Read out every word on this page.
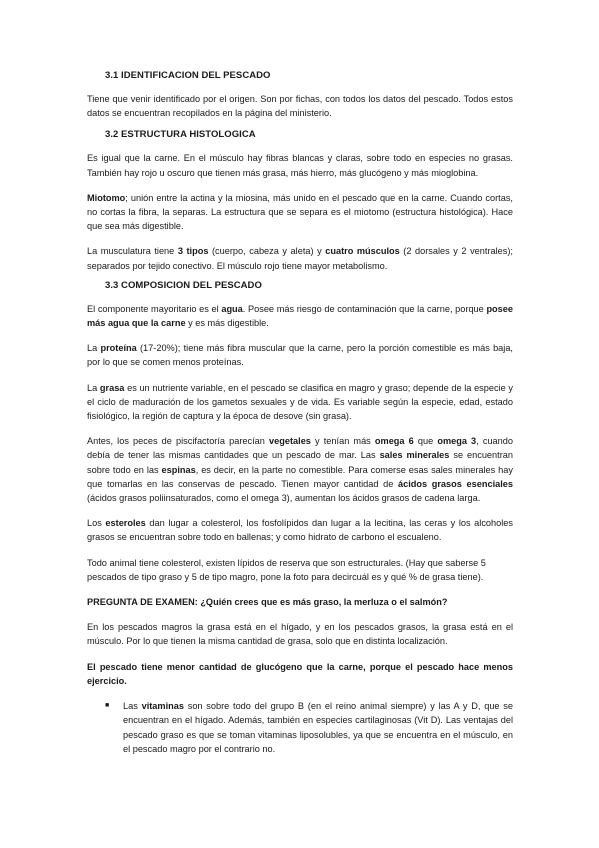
3.1 IDENTIFICACION DEL PESCADO

Tiene que venir identificado por el origen. Son por fichas, con todos los datos del pescado. Todos estos datos se encuentran recopilados en la página del ministerio.

3.2 ESTRUCTURA HISTOLOGICA

Es igual que la carne. En el músculo hay fibras blancas y claras, sobre todo en especies no grasas. También hay rojo u oscuro que tienen más grasa, más hierro, más glucógeno y más mioglobina.

Miotomo; unión entre la actina y la miosina, más unido en el pescado que en la carne. Cuando cortas, no cortas la fibra, la separas. La estructura que se separa es el miotomo (estructura histológica). Hace que sea más digestible.

La musculatura tiene 3 tipos (cuerpo, cabeza y aleta) y cuatro músculos (2 dorsales y 2 ventrales); separados por tejido conectivo. El músculo rojo tiene mayor metabolismo.

3.3 COMPOSICION DEL PESCADO

El componente mayoritario es el agua. Posee más riesgo de contaminación que la carne, porque posee más agua que la carne y es más digestible.

La proteína (17-20%); tiene más fibra muscular que la carne, pero la porción comestible es más baja, por lo que se comen menos proteínas.

La grasa es un nutriente variable, en el pescado se clasifica en magro y graso; depende de la especie y el ciclo de maduración de los gametos sexuales y de vida. Es variable según la especie, edad, estado fisiológico, la región de captura y la época de desove (sin grasa).

Antes, los peces de piscifactoría parecían vegetales y tenían más omega 6 que omega 3, cuando debía de tener las mismas cantidades que un pescado de mar. Las sales minerales se encuentran sobre todo en las espinas, es decir, en la parte no comestible. Para comerse esas sales minerales hay que tomarlas en las conservas de pescado. Tienen mayor cantidad de ácidos grasos esenciales (ácidos grasos poliinsaturados, como el omega 3), aumentan los ácidos grasos de cadena larga.

Los esteroles dan lugar a colesterol, los fosfolípidos dan lugar a la lecitina, las ceras y los alcoholes grasos se encuentran sobre todo en ballenas; y como hidrato de carbono el escualeno.

Todo animal tiene colesterol, existen lípidos de reserva que son estructurales. (Hay que saberse 5 pescados de tipo graso y 5 de tipo magro, pone la foto para decircuál es y qué % de grasa tiene).

PREGUNTA DE EXAMEN: ¿Quién crees que es más graso, la merluza o el salmón?

En los pescados magros la grasa está en el hígado, y en los pescados grasos, la grasa está en el músculo. Por lo que tienen la misma cantidad de grasa, solo que en distinta localización.

El pescado tiene menor cantidad de glucógeno que la carne, porque el pescado hace menos ejercicio.

■ Las vitaminas son sobre todo del grupo B (en el reino animal siempre) y las A y D, que se encuentran en el hígado. Además, también en especies cartilaginosas (Vit D). Las ventajas del pescado graso es que se toman vitaminas liposolubles, ya que se encuentra en el músculo, en el pescado magro por el contrario no.
